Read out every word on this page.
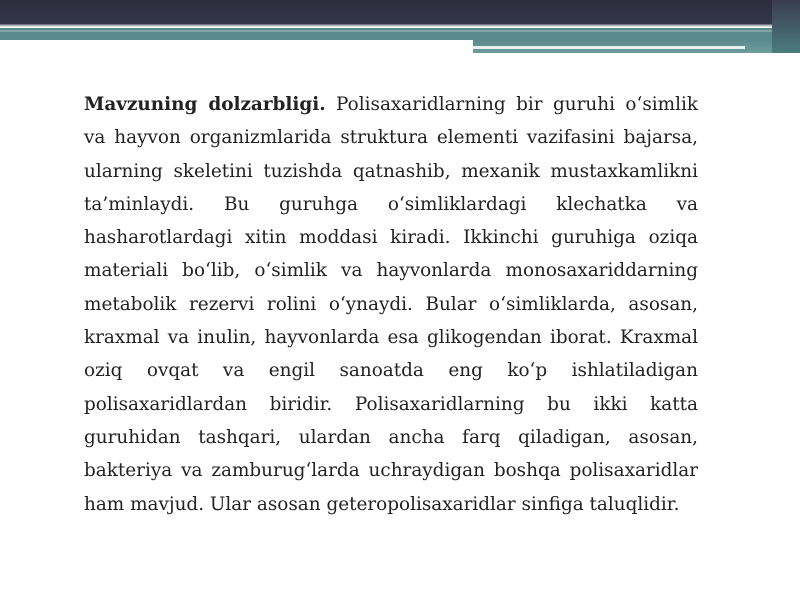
Mavzuning dolzarbligi. Polisaxaridlarning bir guruhi o‘simlik va hayvon organizmlarida struktura elementi vazifasini bajarsa, ularning skeletini tuzishda qatnashib, mexanik mustaxkamlikni ta’minlaydi. Bu guruhga o‘simliklardagi klechatka va hasharotlardagi xitin moddasi kiradi. Ikkinchi guruhiga oziqa materiali bo‘lib, o‘simlik va hayvonlarda monosaxariddarning metabolik rezervi rolini o‘ynaydi. Bular o‘simliklarda, asosan, kraxmal va inulin, hayvonlarda esa glikogendan iborat. Kraxmal oziq ovqat va engil sanoatda eng ko‘p ishlatiladigan polisaxaridlardan biridir. Polisaxaridlarning bu ikki katta guruhidan tashqari, ulardan ancha farq qiladigan, asosan, bakteriya va zamburug‘larda uchraydigan boshqa polisaxaridlar ham mavjud. Ular asosan geteropolisaxaridlar sinfiga taluqlidir.
